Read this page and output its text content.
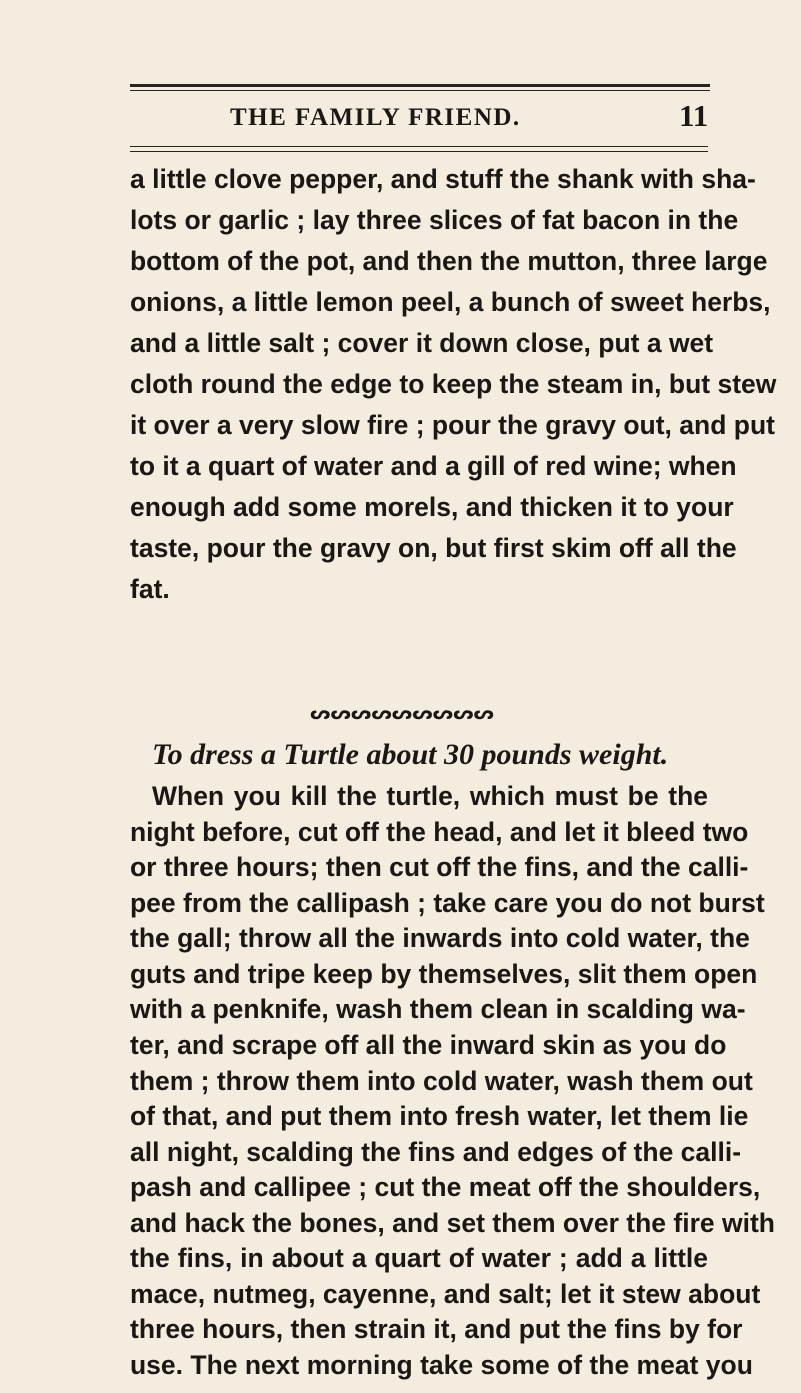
THE FAMILY FRIEND.	11
a little clove pepper, and stuff the shank with sha-
lots or garlic ; lay three slices of fat bacon in the
bottom of the pot, and then the mutton, three large
onions, a little lemon peel, a bunch of sweet herbs,
and a little salt ; cover it down close, put a wet
cloth round the edge to keep the steam in, but stew
it over a very slow fire ; pour the gravy out, and put
to it a quart of water and a gill of red wine; when
enough add some morels, and thicken it to your
taste, pour the gravy on, but first skim off all the
fat.
ᔕᔕᔕᔕᔕᔕᔕᔕᔕ
To dress a Turtle about 30 pounds weight.
When you kill the turtle, which must be the
night before, cut off the head, and let it bleed two
or three hours; then cut off the fins, and the calli-
pee from the callipash ; take care you do not burst
the gall; throw all the inwards into cold water, the
guts and tripe keep by themselves, slit them open
with a penknife, wash them clean in scalding wa-
ter, and scrape off all the inward skin as you do
them ; throw them into cold water, wash them out
of that, and put them into fresh water, let them lie
all night, scalding the fins and edges of the calli-
pash and callipee ; cut the meat off the shoulders,
and hack the bones, and set them over the fire with
the fins, in about a quart of water ; add a little
mace, nutmeg, cayenne, and salt; let it stew about
three hours, then strain it, and put the fins by for
use. The next morning take some of the meat you
